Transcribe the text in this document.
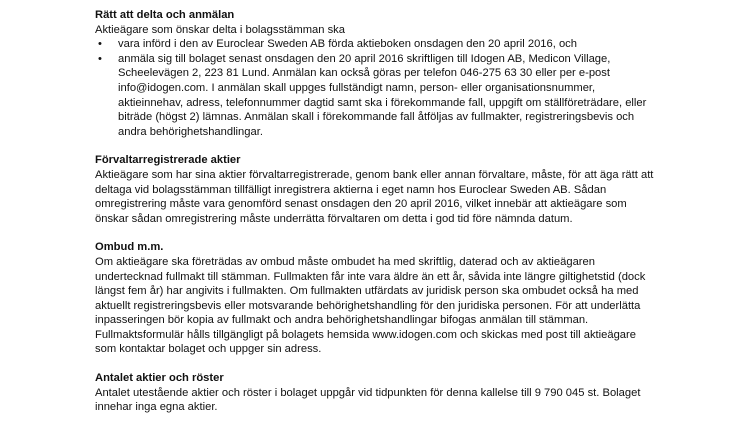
Rätt att delta och anmälan

Aktieägare som önskar delta i bolagsstämman ska

• vara införd i den av Euroclear Sweden AB förda aktieboken onsdagen den 20 april 2016, och
• anmäla sig till bolaget senast onsdagen den 20 april 2016 skriftligen till Idogen AB, Medicon Village, Scheelevägen 2, 223 81 Lund. Anmälan kan också göras per telefon 046-275 63 30 eller per e-post info@idogen.com. I anmälan skall uppges fullständigt namn, person- eller organisationsnummer, aktieinnehav, adress, telefonnummer dagtid samt ska i förekommande fall, uppgift om ställföreträdare, eller biträde (högst 2) lämnas. Anmälan skall i förekommande fall åtföljas av fullmakter, registreringsbevis och andra behörighetshandlingar.

Förvaltarregistrerade aktier

Aktieägare som har sina aktier förvaltarregistrerade, genom bank eller annan förvaltare, måste, för att äga rätt att deltaga vid bolagsstämman tillfälligt inregistrera aktierna i eget namn hos Euroclear Sweden AB. Sådan omregistrering måste vara genomförd senast onsdagen den 20 april 2016, vilket innebär att aktieägare som önskar sådan omregistrering måste underrätta förvaltaren om detta i god tid före nämnda datum.

Ombud m.m.

Om aktieägare ska företrädas av ombud måste ombudet ha med skriftlig, daterad och av aktieägaren undertecknad fullmakt till stämman. Fullmakten får inte vara äldre än ett år, såvida inte längre giltighetstid (dock längst fem år) har angivits i fullmakten. Om fullmakten utfärdats av juridisk person ska ombudet också ha med aktuellt registreringsbevis eller motsvarande behörighetshandling för den juridiska personen. För att underlätta inpasseringen bör kopia av fullmakt och andra behörighetshandlingar bifogas anmälan till stämman. Fullmaktsformulär hålls tillgängligt på bolagets hemsida www.idogen.com och skickas med post till aktieägare som kontaktar bolaget och uppger sin adress.

Antalet aktier och röster

Antalet utestående aktier och röster i bolaget uppgår vid tidpunkten för denna kallelse till 9 790 045 st. Bolaget innehar inga egna aktier.
